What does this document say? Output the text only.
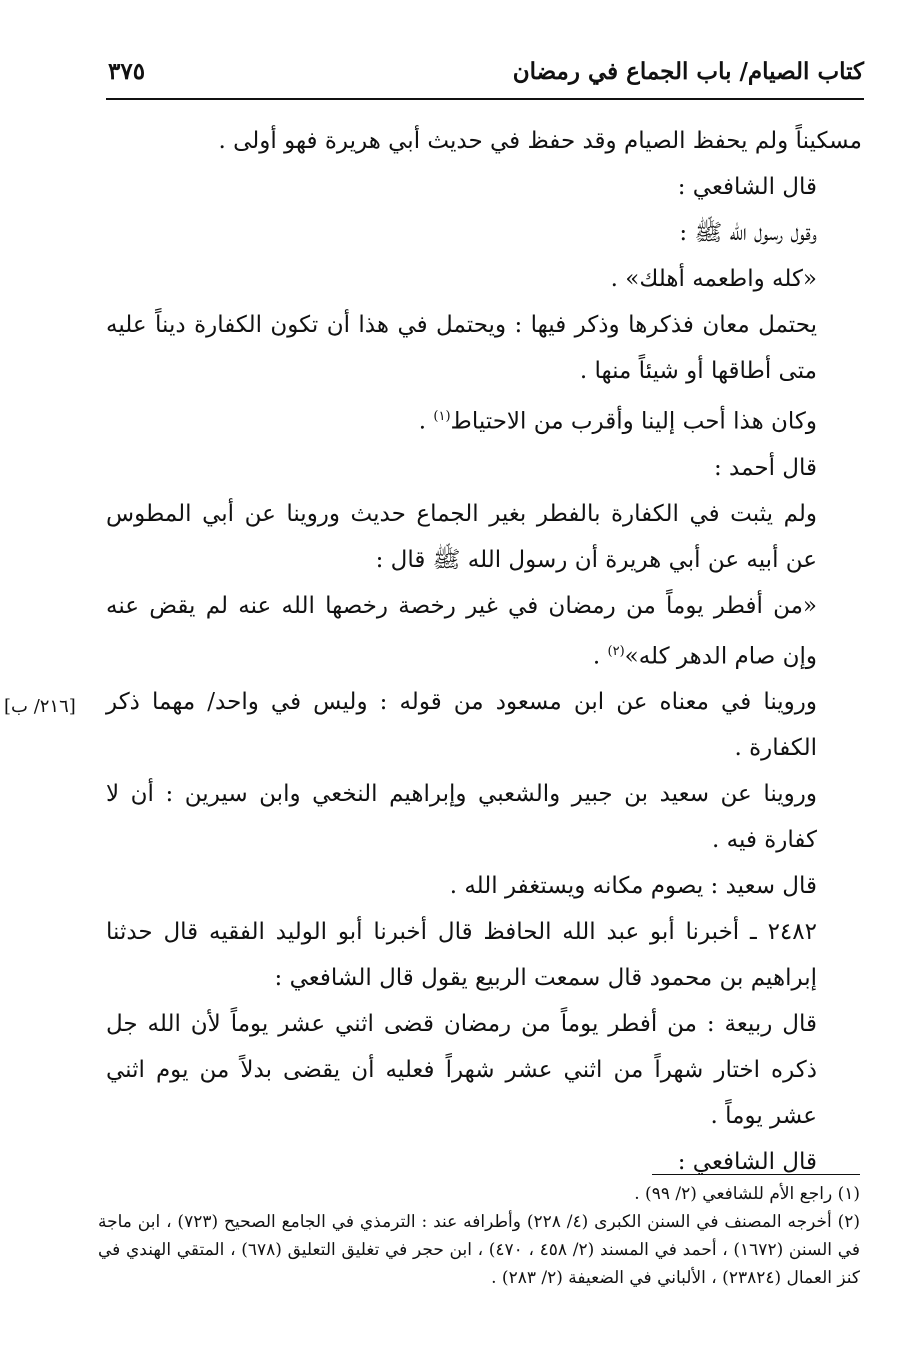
كتاب الصيام/ باب الجماع في رمضان
٣٧٥

مسكيناً ولم يحفظ الصيام وقد حفظ في حديث أبي هريرة فهو أولى .

قال الشافعي :

وقول رسول الله ﷺ :

«كله واطعمه أهلك» .

يحتمل معان فذكرها وذكر فيها : ويحتمل في هذا أن تكون الكفارة ديناً عليه متى أطاقها أو شيئاً منها .

وكان هذا أحب إلينا وأقرب من الاحتياط$^{(١)}$ .

قال أحمد :

ولم يثبت في الكفارة بالفطر بغير الجماع حديث وروينا عن أبي المطوس عن أبيه عن أبي هريرة أن رسول الله ﷺ قال :

«من أفطر يوماً من رمضان في غير رخصة رخصها الله عنه لم يقض عنه وإن صام الدهر كله»$^{(٢)}$ .

وروينا في معناه عن ابن مسعود من قوله : وليس في واحد/ مهما ذكر الكفارة .

وروينا عن سعيد بن جبير والشعبي وإبراهيم النخعي وابن سيرين : أن لا كفارة فيه .

قال سعيد : يصوم مكانه ويستغفر الله .

٢٤٨٢ ـ أخبرنا أبو عبد الله الحافظ قال أخبرنا أبو الوليد الفقيه قال حدثنا إبراهيم بن محمود قال سمعت الربيع يقول قال الشافعي :

قال ربيعة : من أفطر يوماً من رمضان قضى اثني عشر يوماً لأن الله جل ذكره اختار شهراً من اثني عشر شهراً فعليه أن يقضى بدلاً من يوم اثني عشر يوماً .

قال الشافعي :

[٢١٦/ ب]

(١) راجع الأم للشافعي (٢/ ٩٩) .

(٢) أخرجه المصنف في السنن الكبرى (٤/ ٢٢٨) وأطرافه عند : الترمذي في الجامع الصحيح (٧٢٣) ، ابن ماجة في السنن (١٦٧٢) ، أحمد في المسند (٢/ ٤٥٨ ، ٤٧٠) ، ابن حجر في تغليق التعليق (٦٧٨) ، المتقي الهندي في كنز العمال (٢٣٨٢٤) ، الألباني في الضعيفة (٢/ ٢٨٣) .
